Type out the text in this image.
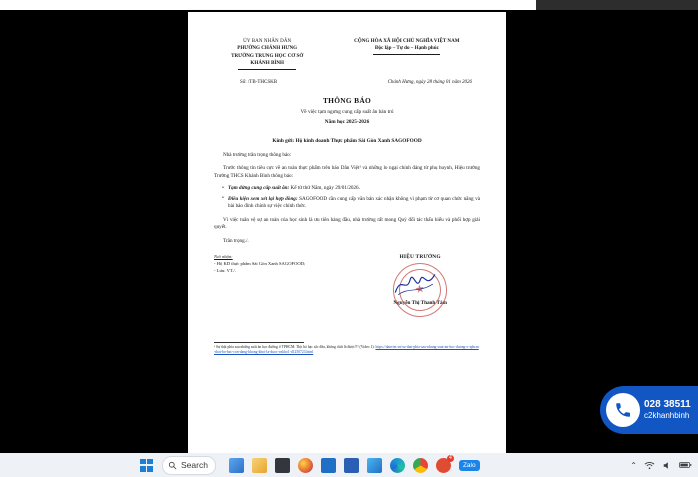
ỦY BAN NHÂN DÂN
PHƯỜNG CHÁNH HƯNG
TRƯỜNG TRUNG HỌC CƠ SỞ
KHÁNH BÌNH
CỘNG HÒA XÃ HỘI CHỦ NGHĨA VIỆT NAM
Độc lập – Tự do – Hạnh phúc
Số: /TB-THCSKB	Chánh Hưng, ngày 28 tháng 01 năm 2026
THÔNG BÁO
Về việc tạm ngưng cung cấp suất ăn bán trú
Năm học 2025-2026
Kính gửi: Hộ kinh doanh Thực phẩm Sài Gòn Xanh SAGOFOOD
Nhà trường trân trọng thông báo:
Trước thông tin tiêu cực về an toàn thực phẩm trên báo Dân Việt¹ và những lo ngại chính đáng từ phụ huynh, Hiệu trưởng Trường THCS Khánh Bình thông báo:
• Tạm dừng cung cấp suất ăn: Kể từ thứ Năm, ngày 29/01/2026.
• Điều kiện xem xét lại hợp đồng: SAGOFOOD cần cung cấp văn bản xác nhận không vi phạm từ cơ quan chức năng và bài báo đính chính sự việc chính thức.
Vì việc tuân vệ sự an toàn của học sinh là ưu tiên hàng đầu, nhà trường rất mong Quý đối tác thấu hiểu và phối hợp giải quyết.
Trân trọng./.
Nơi nhận:
- Hộ KD thực phẩm Sài Gòn Xanh SAGOFOOD;
- Lưu: VT./.
HIỆU TRƯỞNG
★
Nguyễn Thị Thanh Tâm
¹ Sự thật phía sau những suất ăn học đường ở TPHCM: Thịt bò bạc sắc đâu, không chất là được!!! (Video 1): https://danviet.vn/su-that-phia-sau-nhung-suat-an-hoc-duong-o-tphcm-that-bo-bac-con-dang-khong-khoi-la-duoc-vakho1-d1250723.html
028 38511
c2khanhbinh
Search
4
Zalo	⌃
